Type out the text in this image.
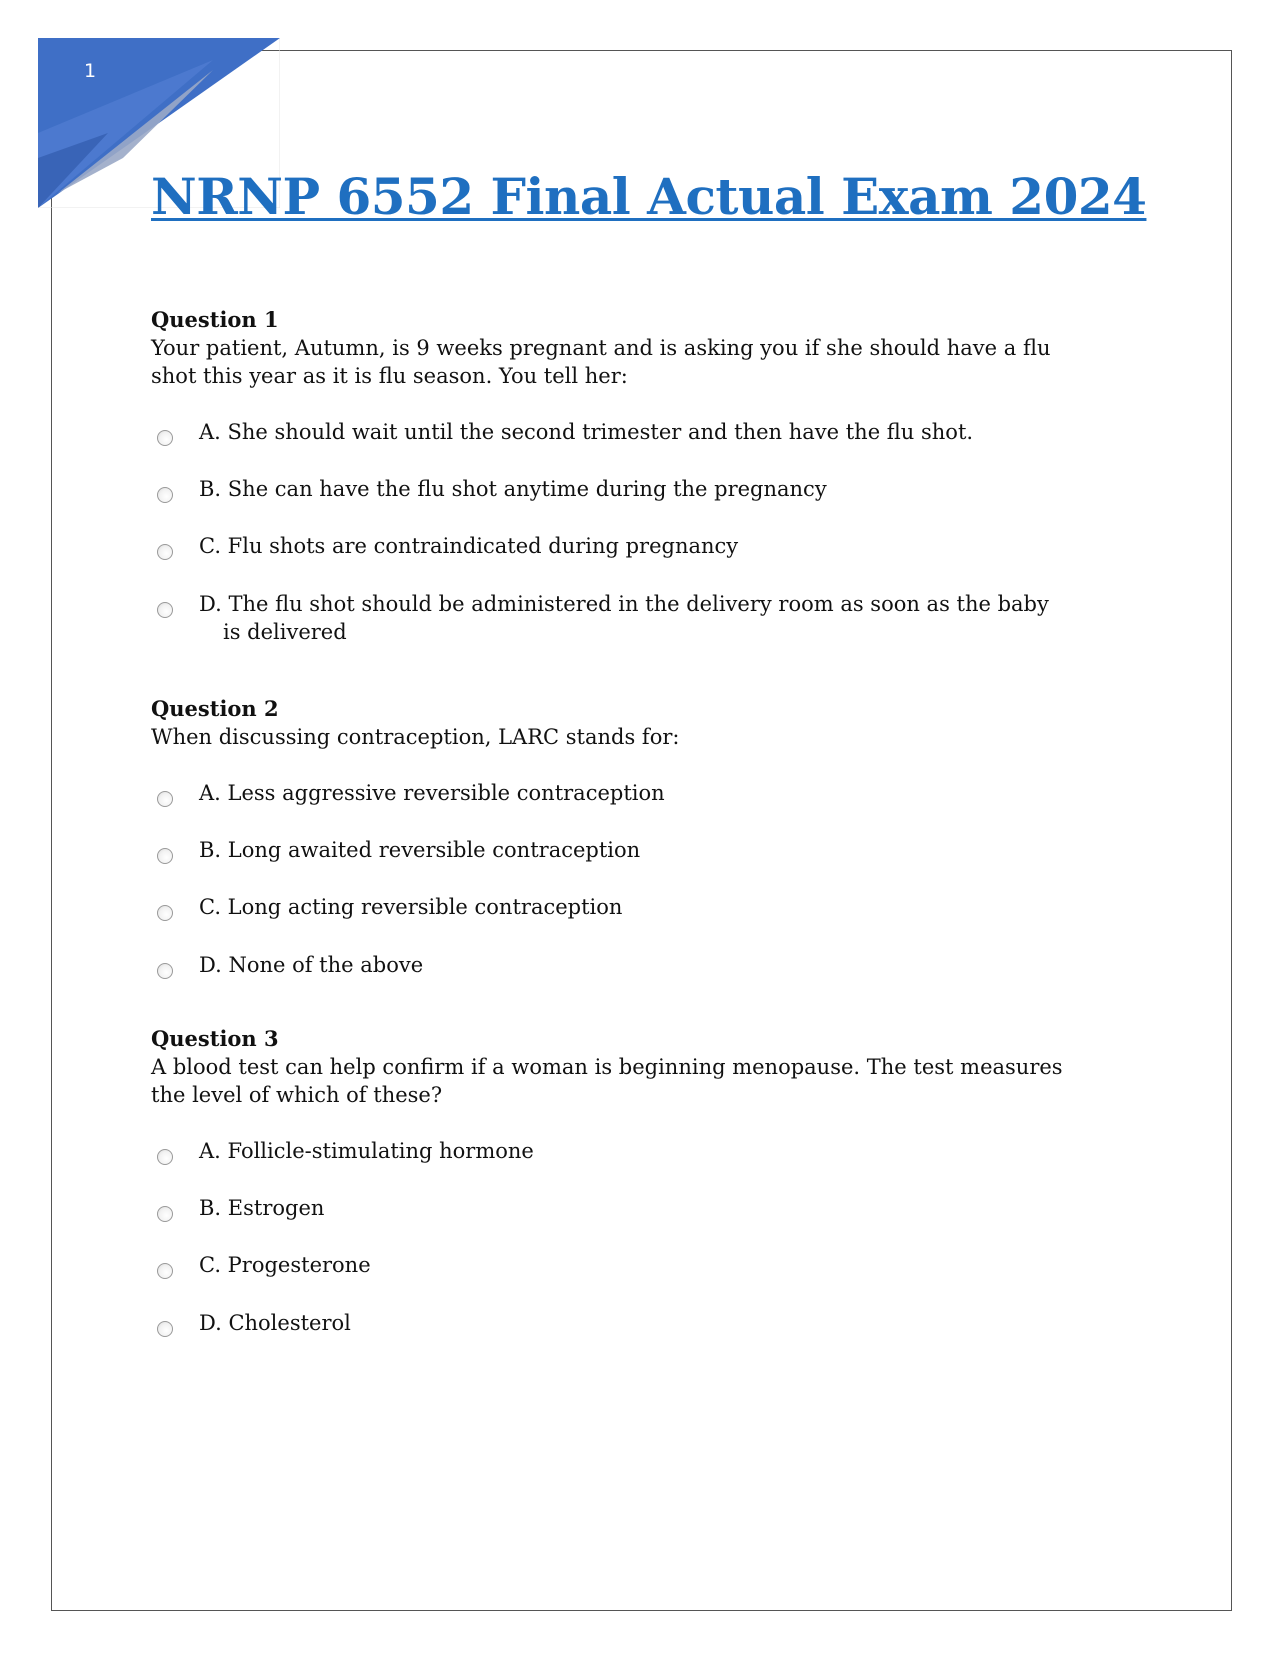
1
NRNP 6552 Final Actual Exam 2024

Question 1

Your patient, Autumn, is 9 weeks pregnant and is asking you if she should have a flu shot this year as it is flu season. You tell her:

A. She should wait until the second trimester and then have the flu shot.
B. She can have the flu shot anytime during the pregnancy
C. Flu shots are contraindicated during pregnancy
D. The flu shot should be administered in the delivery room as soon as the baby is delivered

Question 2

When discussing contraception, LARC stands for:

A. Less aggressive reversible contraception
B. Long awaited reversible contraception
C. Long acting reversible contraception
D. None of the above

Question 3

A blood test can help confirm if a woman is beginning menopause. The test measures the level of which of these?

A. Follicle-stimulating hormone
B. Estrogen
C. Progesterone
D. Cholesterol
